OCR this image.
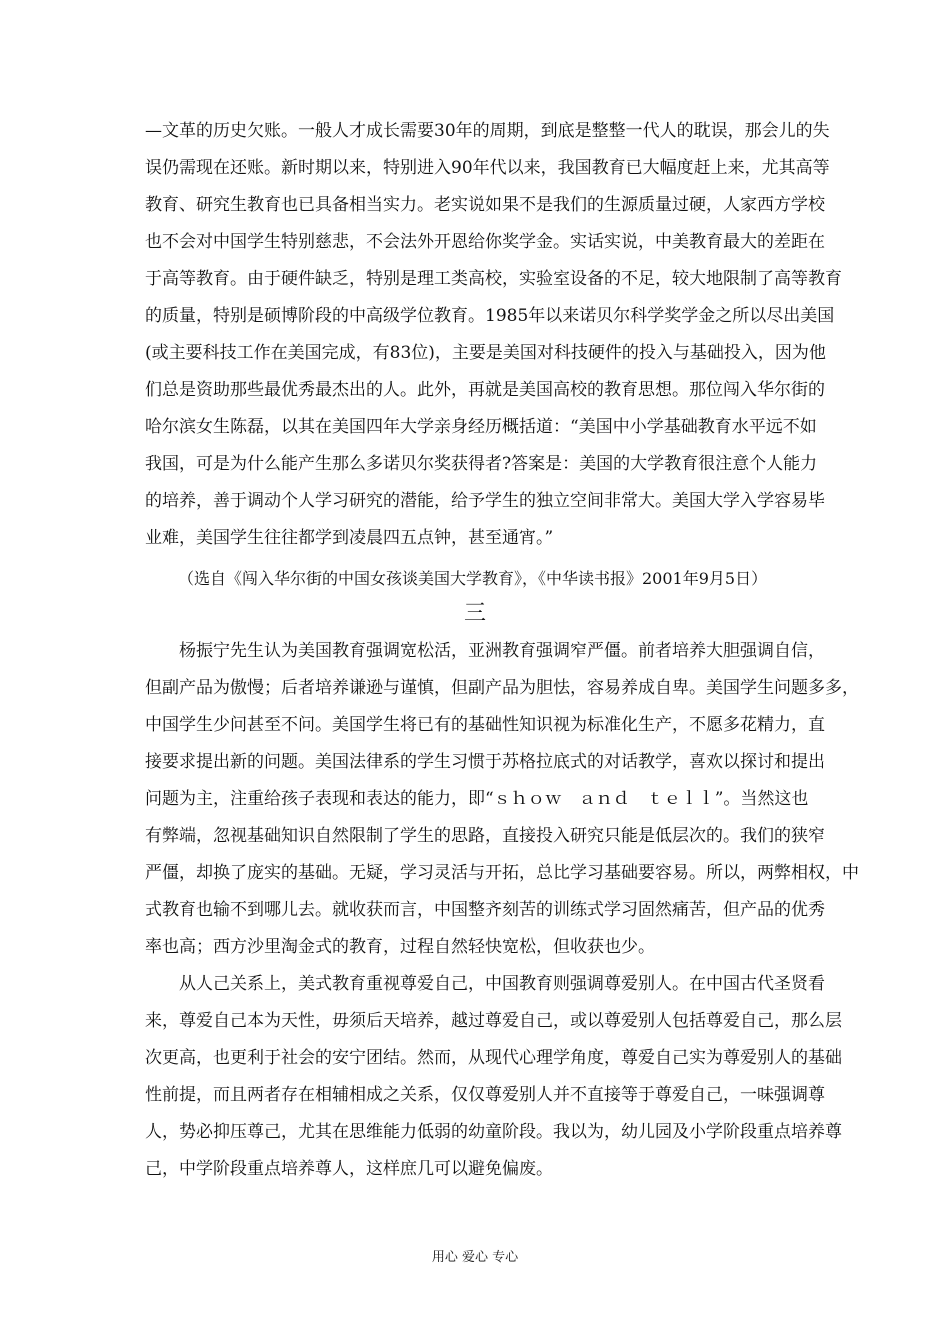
—文革的历史欠账。一般人才成长需要30年的周期，到底是整整一代人的耽误，那会儿的失
误仍需现在还账。新时期以来，特别进入90年代以来，我国教育已大幅度赶上来，尤其高等
教育、研究生教育也已具备相当实力。老实说如果不是我们的生源质量过硬，人家西方学校
也不会对中国学生特别慈悲，不会法外开恩给你奖学金。实话实说，中美教育最大的差距在
于高等教育。由于硬件缺乏，特别是理工类高校，实验室设备的不足，较大地限制了高等教育
的质量，特别是硕博阶段的中高级学位教育。1985年以来诺贝尔科学奖学金之所以尽出美国
(或主要科技工作在美国完成，有83位)，主要是美国对科技硬件的投入与基础投入，因为他
们总是资助那些最优秀最杰出的人。此外，再就是美国高校的教育思想。那位闯入华尔街的
哈尔滨女生陈磊，以其在美国四年大学亲身经历概括道：“美国中小学基础教育水平远不如
我国，可是为什么能产生那么多诺贝尔奖获得者?答案是：美国的大学教育很注意个人能力
的培养，善于调动个人学习研究的潜能，给予学生的独立空间非常大。美国大学入学容易毕
业难，美国学生往往都学到凌晨四五点钟，甚至通宵。”
（选自《闯入华尔街的中国女孩谈美国大学教育》，《中华读书报》2001年9月5日）
三
杨振宁先生认为美国教育强调宽松活，亚洲教育强调窄严僵。前者培养大胆强调自信，
但副产品为傲慢；后者培养谦逊与谨慎，但副产品为胆怯，容易养成自卑。美国学生问题多多，
中国学生少问甚至不问。美国学生将已有的基础性知识视为标准化生产，不愿多花精力，直
接要求提出新的问题。美国法律系的学生习惯于苏格拉底式的对话教学，喜欢以探讨和提出
问题为主，注重给孩子表现和表达的能力，即“ｓｈｏｗ　ａｎｄ　ｔｅｌｌ”。当然这也
有弊端，忽视基础知识自然限制了学生的思路，直接投入研究只能是低层次的。我们的狭窄
严僵，却换了庞实的基础。无疑，学习灵活与开拓，总比学习基础要容易。所以，两弊相权，中
式教育也输不到哪儿去。就收获而言，中国整齐刻苦的训练式学习固然痛苦，但产品的优秀
率也高；西方沙里淘金式的教育，过程自然轻快宽松，但收获也少。
从人己关系上，美式教育重视尊爱自己，中国教育则强调尊爱别人。在中国古代圣贤看
来，尊爱自己本为天性，毋须后天培养，越过尊爱自己，或以尊爱别人包括尊爱自己，那么层
次更高，也更利于社会的安宁团结。然而，从现代心理学角度，尊爱自己实为尊爱别人的基础
性前提，而且两者存在相辅相成之关系，仅仅尊爱别人并不直接等于尊爱自己，一味强调尊
人，势必抑压尊己，尤其在思维能力低弱的幼童阶段。我以为，幼儿园及小学阶段重点培养尊
己，中学阶段重点培养尊人，这样庶几可以避免偏废。
用心 爱心 专心
